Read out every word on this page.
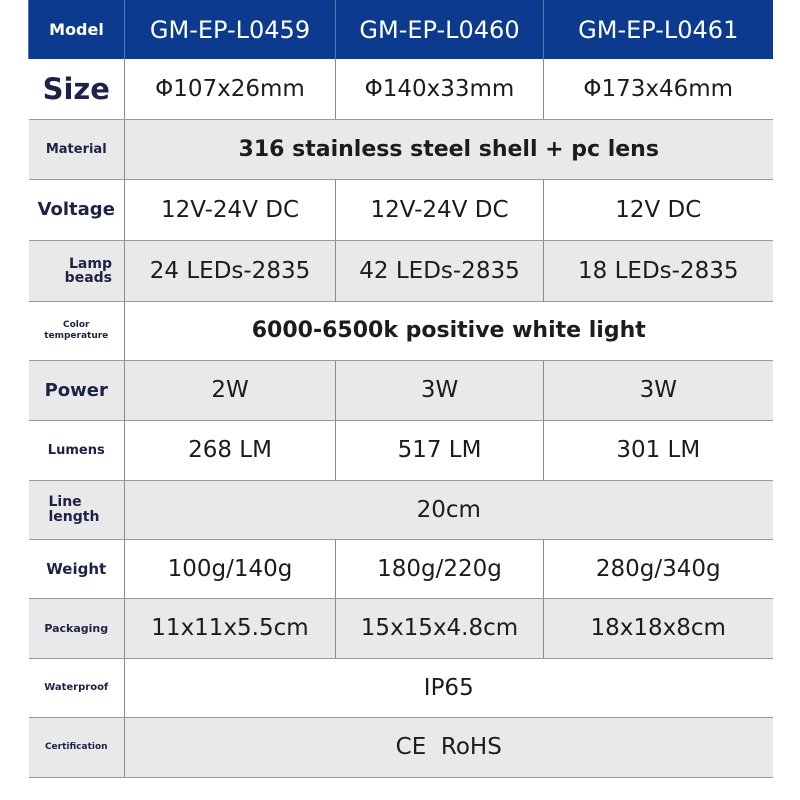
Model	GM-EP-L0459	GM-EP-L0460	GM-EP-L0461
Size	Φ107x26mm	Φ140x33mm	Φ173x46mm
Material	316 stainless steel shell + pc lens		
Voltage	12V-24V DC	12V-24V DC	12V DC
Lamp
beads	24 LEDs-2835	42 LEDs-2835	18 LEDs-2835
Color
temperature	6000-6500k positive white light		
Power	2W	3W	3W
Lumens	268 LM	517 LM	301 LM
Line
length	20cm		
Weight	100g/140g	180g/220g	280g/340g
Packaging	11x11x5.5cm	15x15x4.8cm	18x18x8cm
Waterproof	IP65		
Certification	CE  RoHS		
